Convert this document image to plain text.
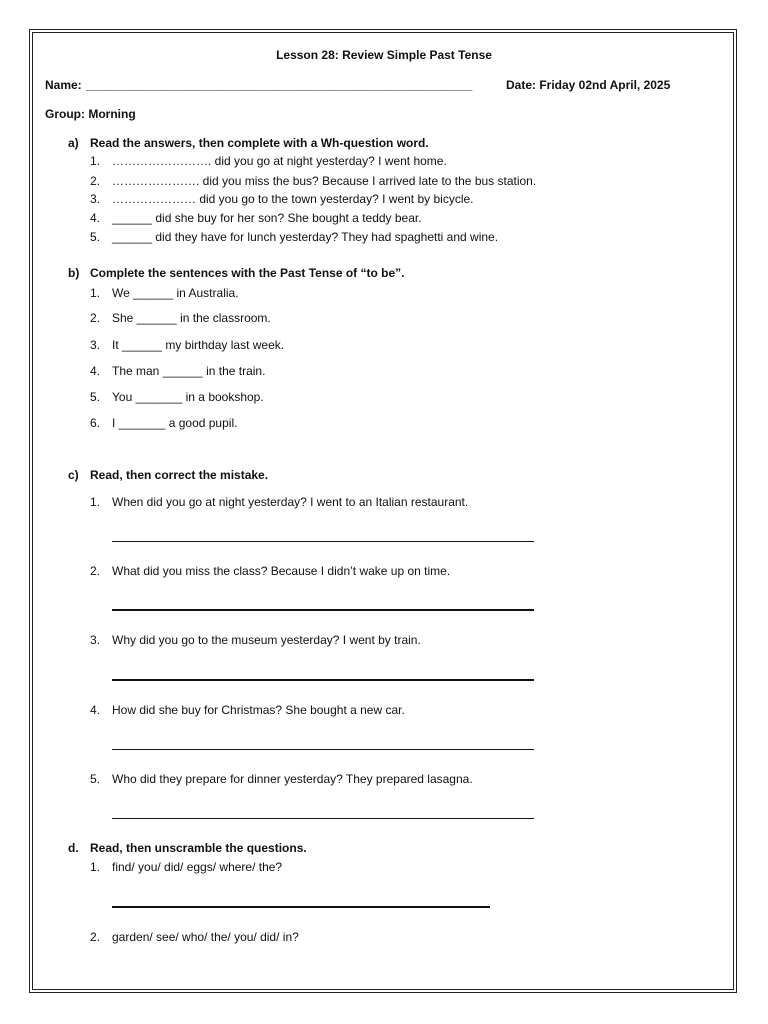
Lesson 28: Review Simple Past Tense
Name: ______________________________________________________________	Date: Friday 02nd April, 2025
Group: Morning
a) Read the answers, then complete with a Wh-question word.
1. ……………………. did you go at night yesterday? I went home.
2. …………………. did you miss the bus? Because I arrived late to the bus station.
3. ………………… did you go to the town yesterday? I went by bicycle.
4. ______ did she buy for her son? She bought a teddy bear.
5. ______ did they have for lunch yesterday? They had spaghetti and wine.
b) Complete the sentences with the Past Tense of “to be”.
1. We ______ in Australia.
2. She ______ in the classroom.
3. It ______ my birthday last week.
4. The man ______ in the train.
5. You _______ in a bookshop.
6. I _______ a good pupil.
c) Read, then correct the mistake.
1. When did you go at night yesterday? I went to an Italian restaurant.
2. What did you miss the class? Because I didn’t wake up on time.
3. Why did you go to the museum yesterday? I went by train.
4. How did she buy for Christmas? She bought a new car.
5. Who did they prepare for dinner yesterday? They prepared lasagna.
d. Read, then unscramble the questions.
1. find/ you/ did/ eggs/ where/ the?
2. garden/ see/ who/ the/ you/ did/ in?
